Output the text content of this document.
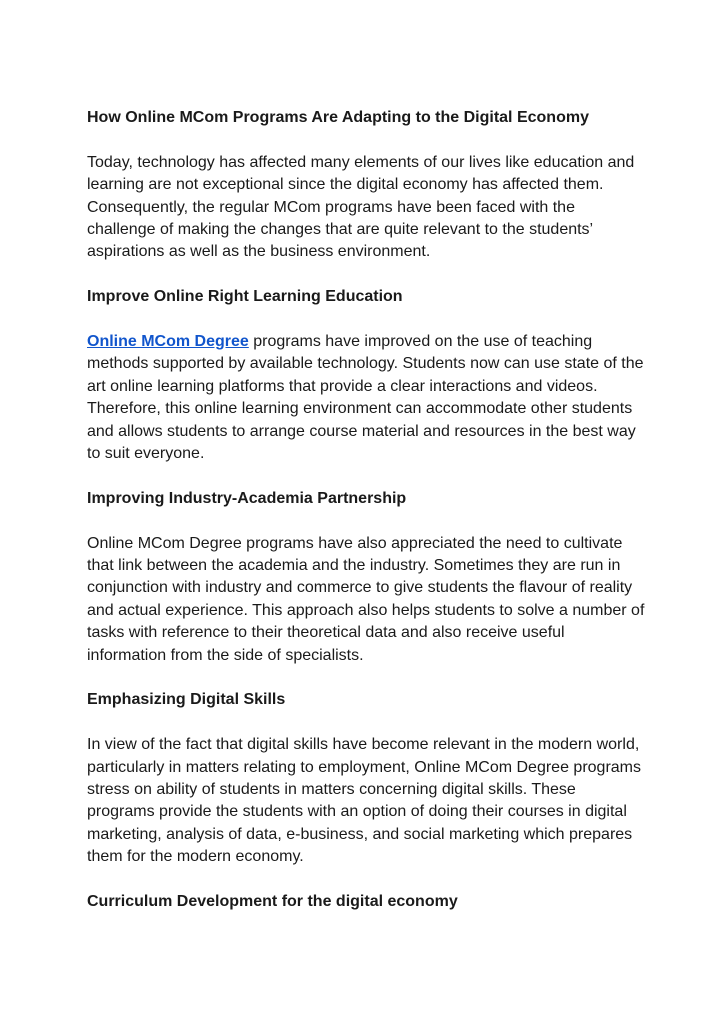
How Online MCom Programs Are Adapting to the Digital Economy

Today, technology has affected many elements of our lives like education and learning are not exceptional since the digital economy has affected them. Consequently, the regular MCom programs have been faced with the challenge of making the changes that are quite relevant to the students’ aspirations as well as the business environment.

Improve Online Right Learning Education

Online MCom Degree programs have improved on the use of teaching methods supported by available technology. Students now can use state of the art online learning platforms that provide a clear interactions and videos. Therefore, this online learning environment can accommodate other students and allows students to arrange course material and resources in the best way to suit everyone.

Improving Industry-Academia Partnership

Online MCom Degree programs have also appreciated the need to cultivate that link between the academia and the industry. Sometimes they are run in conjunction with industry and commerce to give students the flavour of reality and actual experience. This approach also helps students to solve a number of tasks with reference to their theoretical data and also receive useful information from the side of specialists.

Emphasizing Digital Skills

In view of the fact that digital skills have become relevant in the modern world, particularly in matters relating to employment, Online MCom Degree programs stress on ability of students in matters concerning digital skills. These programs provide the students with an option of doing their courses in digital marketing, analysis of data, e-business, and social marketing which prepares them for the modern economy.

Curriculum Development for the digital economy
